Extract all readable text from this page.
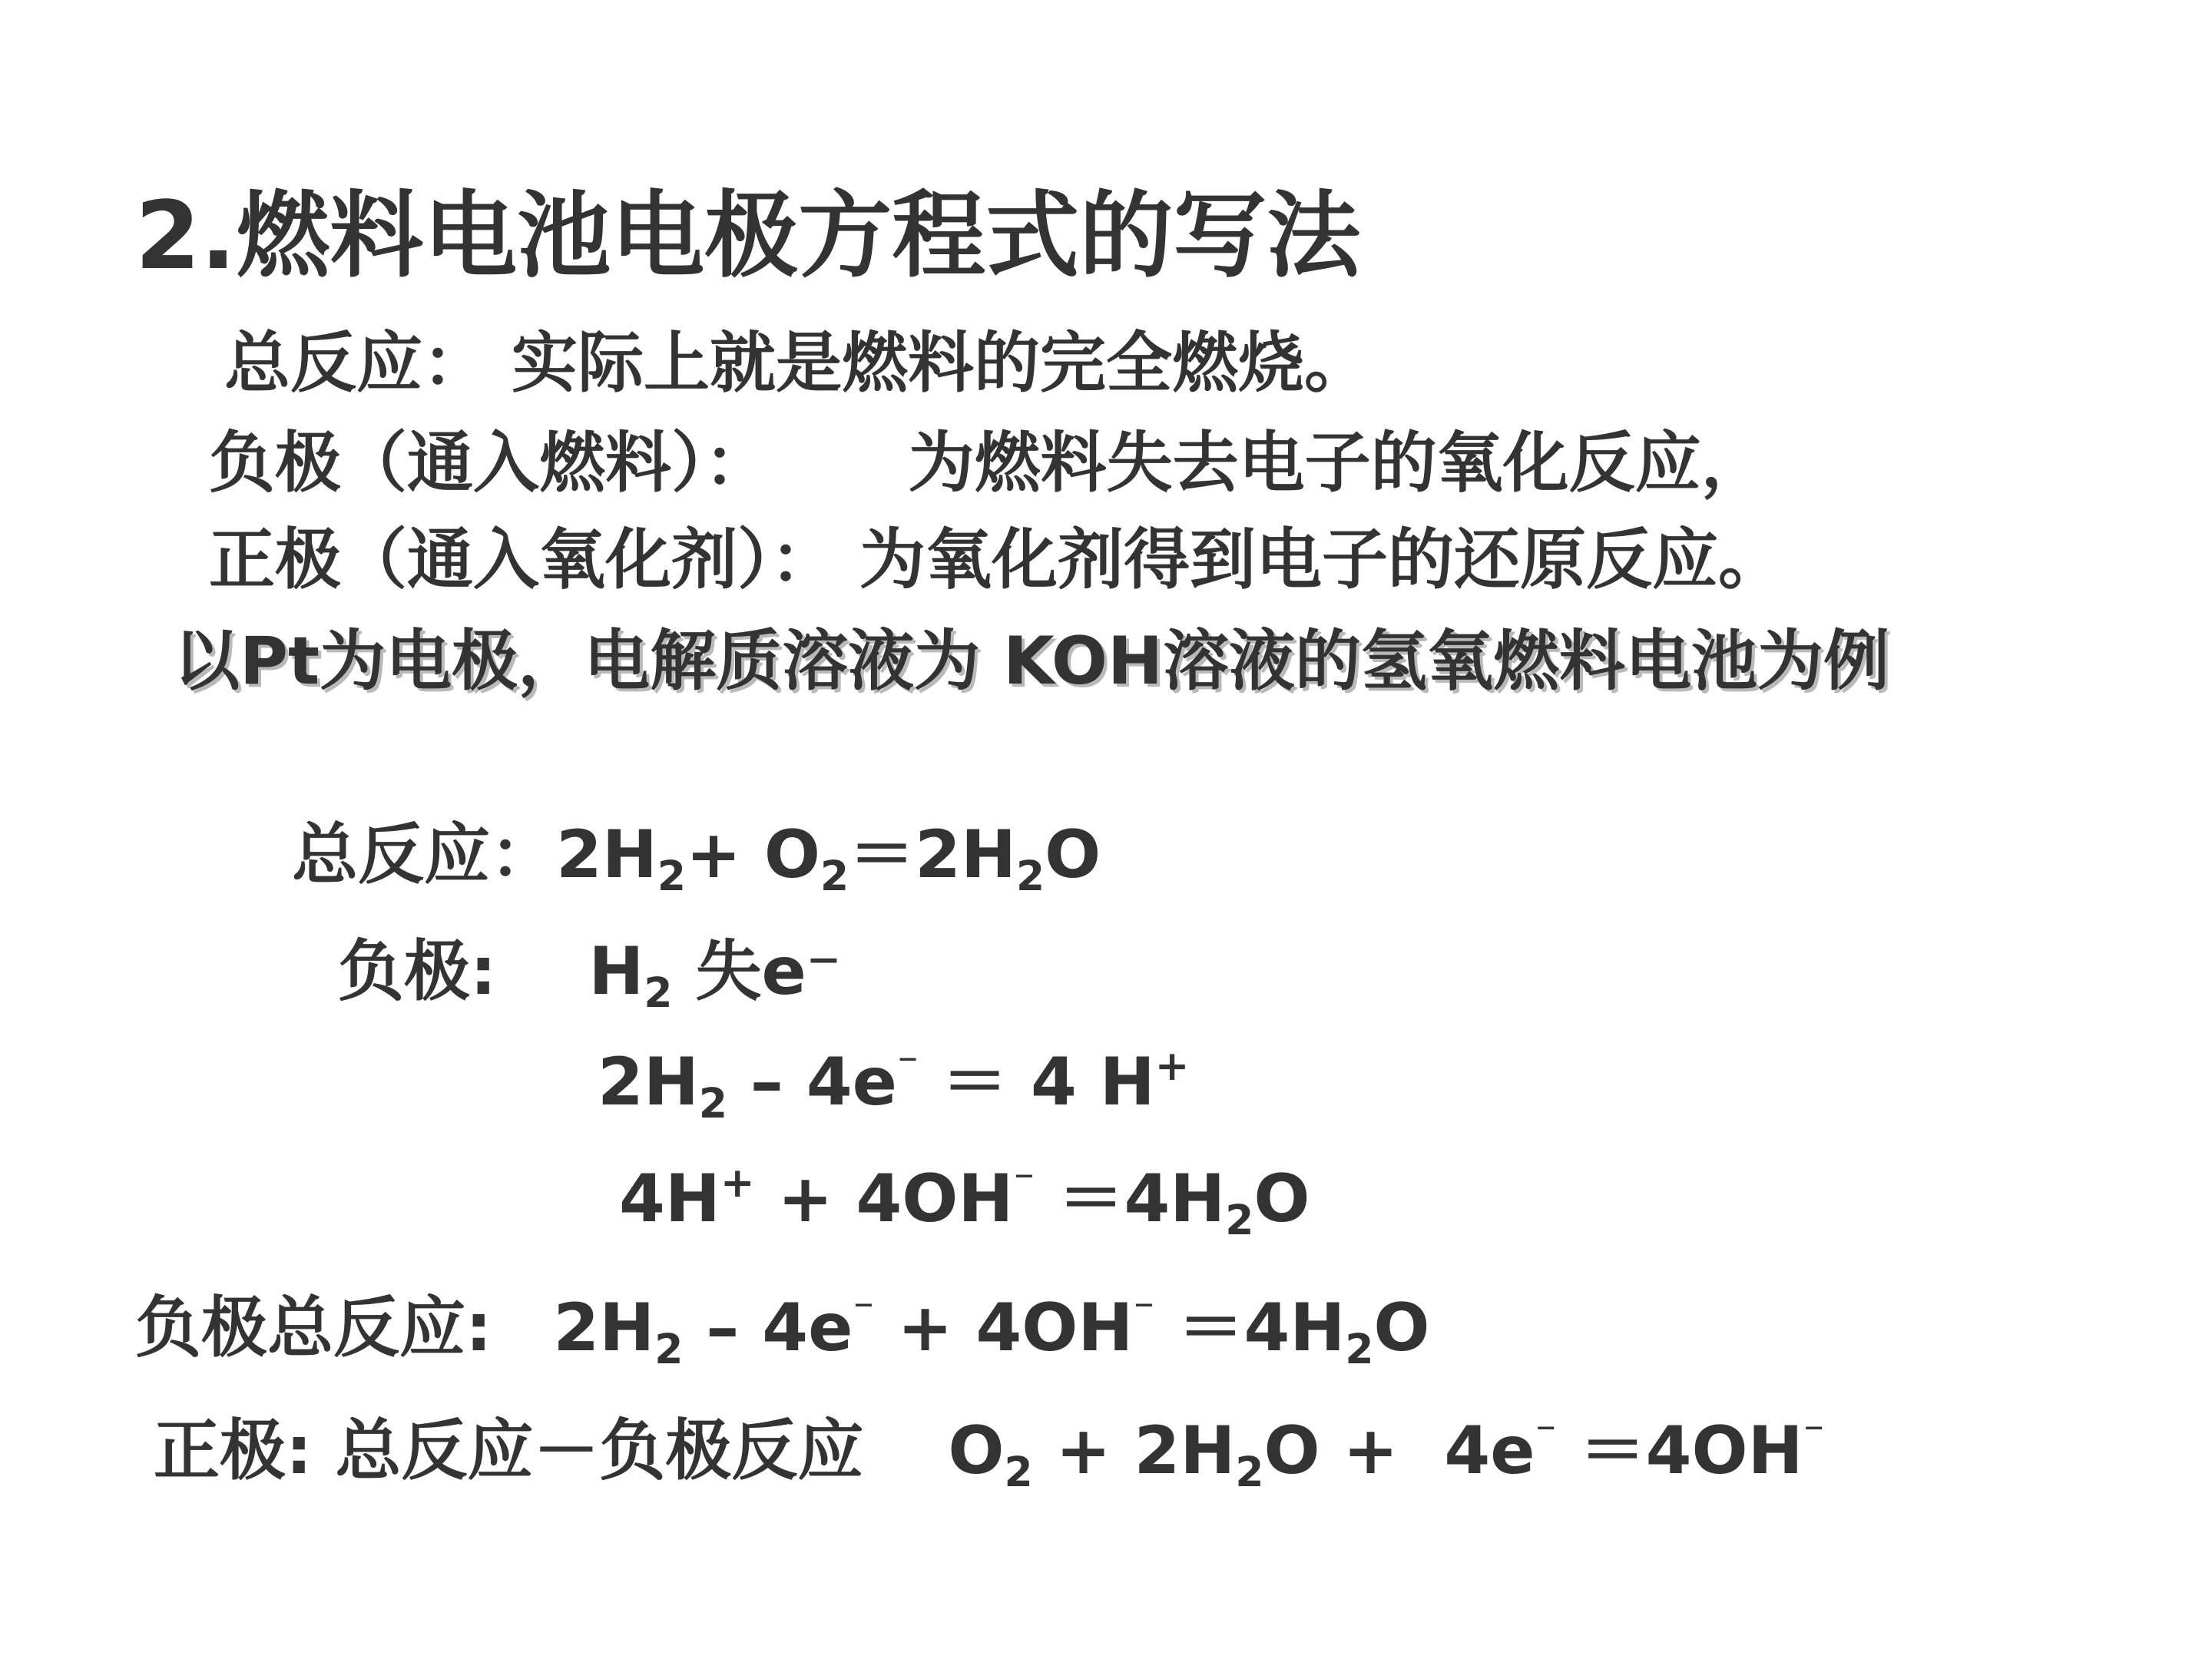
2.燃料电池电极方程式的写法
总反应： 实际上就是燃料的完全燃烧。
负极（通入燃料）：      为燃料失去电子的氧化反应，
正极（通入氧化剂）： 为氧化剂得到电子的还原反应。
以Pt为电极，电解质溶液为 KOH溶液的氢氧燃料电池为例
总反应：$2H_2+ O_2=2H_2O$
负极: $H_2$ 失e⁻
$2H_2 - 4e^{^-} = 4$ H+
$4H^+ + 4OH^{^-} =4H_2O$
负极总反应: $2H_2 - 4e^{^-} + 4OH^{^-} =4H_2O$
正极: 总反应－负极反应 $O_2 + 2H_2O + 4e^{^-} =4OH^{^-}$
